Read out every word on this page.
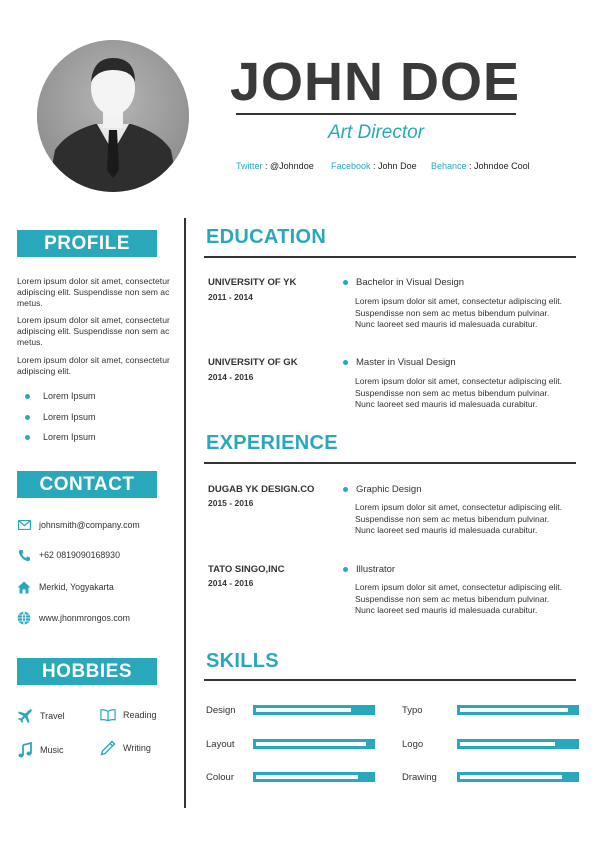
JOHN DOE
Art Director
Twitter : @Johndoe Facebook : John Doe Behance : Johndoe Cool
PROFILE
Lorem ipsum dolor sit amet, consectetur adipiscing elit. Suspendisse non sem ac metus.
Lorem ipsum dolor sit amet, consectetur adipiscing elit. Suspendisse non sem ac metus.
Lorem ipsum dolor sit amet, consectetur adipiscing elit.
Lorem Ipsum
Lorem Ipsum
Lorem Ipsum
CONTACT
johnsmith@company.com
+62 0819090168930
Merkid, Yogyakarta
www.jhonmrongos.com
HOBBIES
Travel	Reading
Music	Writing
EDUCATION
UNIVERSITY OF YK
2011 - 2014
Bachelor in Visual Design
Lorem ipsum dolor sit amet, consectetur adipiscing elit. Suspendisse non sem ac metus bibendum pulvinar. Nunc laoreet sed mauris id malesuada curabitur.
UNIVERSITY OF GK
2014 - 2016
Master in Visual Design
Lorem ipsum dolor sit amet, consectetur adipiscing elit. Suspendisse non sem ac metus bibendum pulvinar. Nunc laoreet sed mauris id malesuada curabitur.
EXPERIENCE
DUGAB YK DESIGN.CO
2015 - 2016
Graphic Design
Lorem ipsum dolor sit amet, consectetur adipiscing elit. Suspendisse non sem ac metus bibendum pulvinar. Nunc laoreet sed mauris id malesuada curabitur.
TATO SINGO,INC
2014 - 2016
Illustrator
Lorem ipsum dolor sit amet, consectetur adipiscing elit. Suspendisse non sem ac metus bibendum pulvinar. Nunc laoreet sed mauris id malesuada curabitur.
SKILLS
Design	Typo
Layout	Logo
Colour	Drawing
